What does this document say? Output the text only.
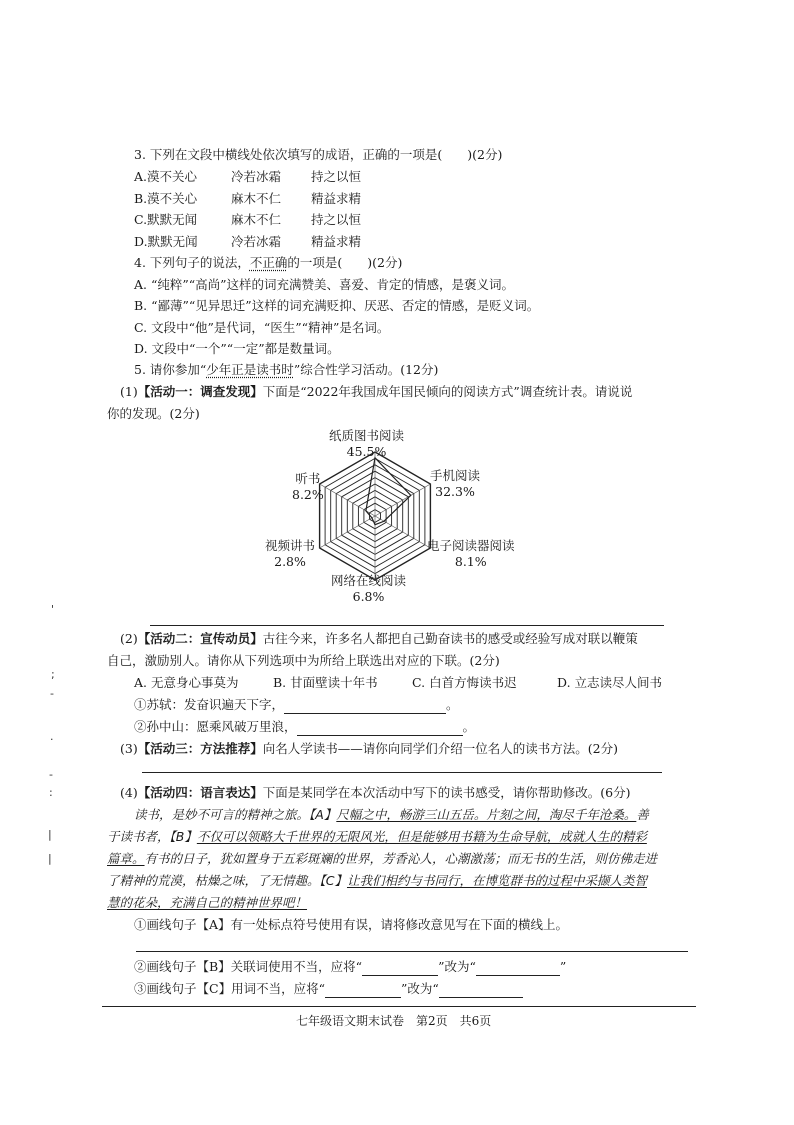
3. 下列在文段中横线处依次填写的成语，正确的一项是(　　)(2分)
A.漠不关心	冷若冰霜 持之以恒
B.漠不关心	麻木不仁 精益求精
C.默默无闻	麻木不仁 持之以恒
D.默默无闻	冷若冰霜 精益求精
4. 下列句子的说法，不正确的一项是(　　)(2分)
A. “纯粹”“高尚”这样的词充满赞美、喜爱、肯定的情感，是褒义词。
B. “鄙薄”“见异思迁”这样的词充满贬抑、厌恶、否定的情感，是贬义词。
C. 文段中“他”是代词，“医生”“精神”是名词。
D. 文段中“一个”“一定”都是数量词。
5. 请你参加“少年正是读书时”综合性学习活动。(12分)
(1)【活动一：调查发现】下面是“2022年我国成年国民倾向的阅读方式”调查统计表。请说说
你的发现。(2分)
纸质图书阅读
45.5%
手机阅读
32.3%
电子阅读器阅读
8.1%
网络在线阅读
6.8%
视频讲书
2.8%
听书
8.2%
(2)【活动二：宣传动员】古往今来，许多名人都把自己勤奋读书的感受或经验写成对联以鞭策
自己，激励别人。请你从下列选项中为所给上联选出对应的下联。(2分)
A. 无意身心事莫为	B. 甘面壁读十年书	C. 白首方悔读书迟	D. 立志读尽人间书
①苏轼：发奋识遍天下字，	。
②孙中山：愿乘风破万里浪，	。
(3)【活动三：方法推荐】向名人学读书——请你向同学们介绍一位名人的读书方法。(2分)
(4)【活动四：语言表达】下面是某同学在本次活动中写下的读书感受，请你帮助修改。(6分)
读书，是妙不可言的精神之旅。【A】尺幅之中，畅游三山五岳。片刻之间，淘尽千年沧桑。善
于读书者，【B】不仅可以领略大千世界的无限风光，但是能够用书籍为生命导航，成就人生的精彩
篇章。有书的日子，犹如置身于五彩斑斓的世界，芳香沁人，心潮激荡；而无书的生活，则仿佛走进
了精神的荒漠，枯燥之味，了无情趣。【C】让我们相约与书同行，在博览群书的过程中采撷人类智
慧的花朵，充满自己的精神世界吧！
①画线句子【A】有一处标点符号使用有误，请将修改意见写在下面的横线上。
②画线句子【B】关联词使用不当，应将“	”改为“	”
③画线句子【C】用词不当，应将“	”改为“
七年级语文期末试卷　第2页　共6页
'
;
-
.
-
:
|
|
